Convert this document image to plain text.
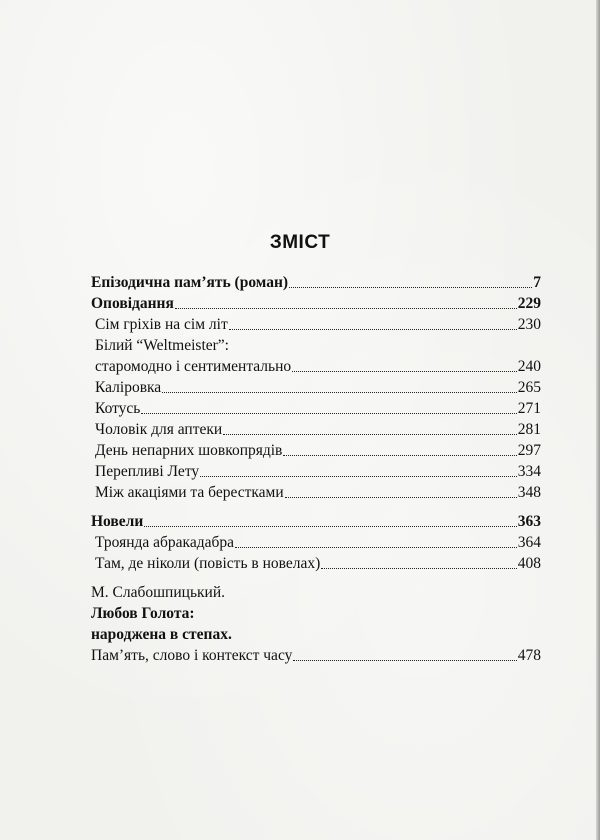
ЗМІСТ
Епізодична пам’ять (роман)	7
Оповідання	229
Сім гріхів на сім літ	230
Білий “Weltmeister”:
старомодно і сентиментально	240
Каліровка	265
Котусь	271
Чоловік для аптеки	281
День непарних шовкопрядів	297
Перепливі Лету	334
Між акаціями та берестками	348
Новели	363
Троянда абракадабра	364
Там, де ніколи (повість в новелах)	408
М. Слабошпицький.
Любов Голота:
народжена в степах.
Пам’ять, слово і контекст часу	478
